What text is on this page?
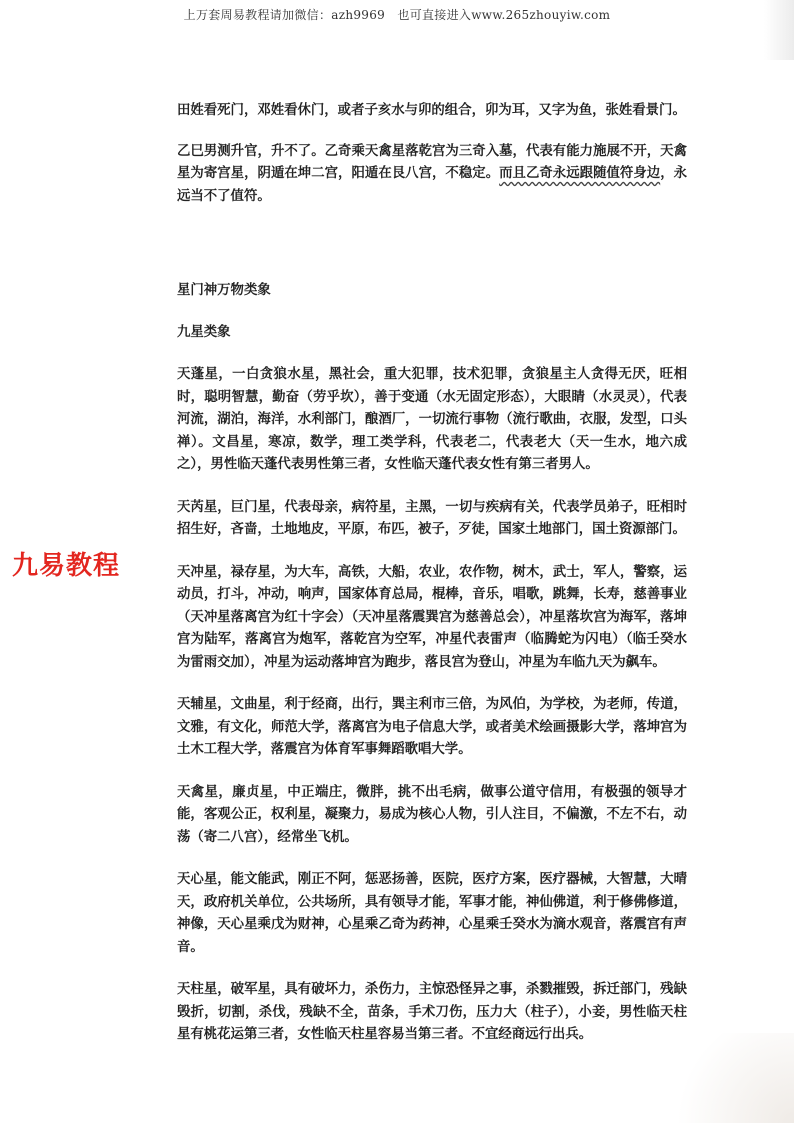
上万套周易教程请加微信：azh9969　也可直接进入www.265zhouyiw.com

田姓看死门，邓姓看休门，或者子亥水与卯的组合，卯为耳，又字为鱼，张姓看景门。

乙巳男测升官，升不了。乙奇乘天禽星落乾宫为三奇入墓，代表有能力施展不开，天禽星为寄宫星，阴遁在坤二宫，阳遁在艮八宫，不稳定。而且乙奇永远跟随值符身边，永远当不了值符。

星门神万物类象

九星类象

天蓬星，一白贪狼水星，黑社会，重大犯罪，技术犯罪，贪狼星主人贪得无厌，旺相时，聪明智慧，勤奋（劳乎坎），善于变通（水无固定形态），大眼睛（水灵灵），代表河流，湖泊，海洋，水利部门，酿酒厂，一切流行事物（流行歌曲，衣服，发型，口头禅）。文昌星，寒凉，数学，理工类学科，代表老二，代表老大（天一生水，地六成之），男性临天蓬代表男性第三者，女性临天蓬代表女性有第三者男人。

天芮星，巨门星，代表母亲，病符星，主黑，一切与疾病有关，代表学员弟子，旺相时招生好，吝啬，土地地皮，平原，布匹，被子，歹徒，国家土地部门，国土资源部门。

天冲星，禄存星，为大车，高铁，大船，农业，农作物，树木，武士，军人，警察，运动员，打斗，冲动，响声，国家体育总局，棍棒，音乐，唱歌，跳舞，长寿，慈善事业（天冲星落离宫为红十字会）（天冲星落震巽宫为慈善总会），冲星落坎宫为海军，落坤宫为陆军，落离宫为炮军，落乾宫为空军，冲星代表雷声（临腾蛇为闪电）（临壬癸水为雷雨交加），冲星为运动落坤宫为跑步，落艮宫为登山，冲星为车临九天为飙车。

天辅星，文曲星，利于经商，出行，巽主利市三倍，为风伯，为学校，为老师，传道，文雅，有文化，师范大学，落离宫为电子信息大学，或者美术绘画摄影大学，落坤宫为土木工程大学，落震宫为体育军事舞蹈歌唱大学。

天禽星，廉贞星，中正端庄，微胖，挑不出毛病，做事公道守信用，有极强的领导才能，客观公正，权利星，凝聚力，易成为核心人物，引人注目，不偏激，不左不右，动荡（寄二八宫），经常坐飞机。

天心星，能文能武，刚正不阿，惩恶扬善，医院，医疗方案，医疗器械，大智慧，大晴天，政府机关单位，公共场所，具有领导才能，军事才能，神仙佛道，利于修佛修道，神像，天心星乘戊为财神，心星乘乙奇为药神，心星乘壬癸水为滴水观音，落震宫有声音。

天柱星，破军星，具有破坏力，杀伤力，主惊恐怪异之事，杀戮摧毁，拆迁部门，残缺毁折，切割，杀伐，残缺不全，苗条，手术刀伤，压力大（柱子），小妾，男性临天柱星有桃花运第三者，女性临天柱星容易当第三者。不宜经商远行出兵。

九易教程
